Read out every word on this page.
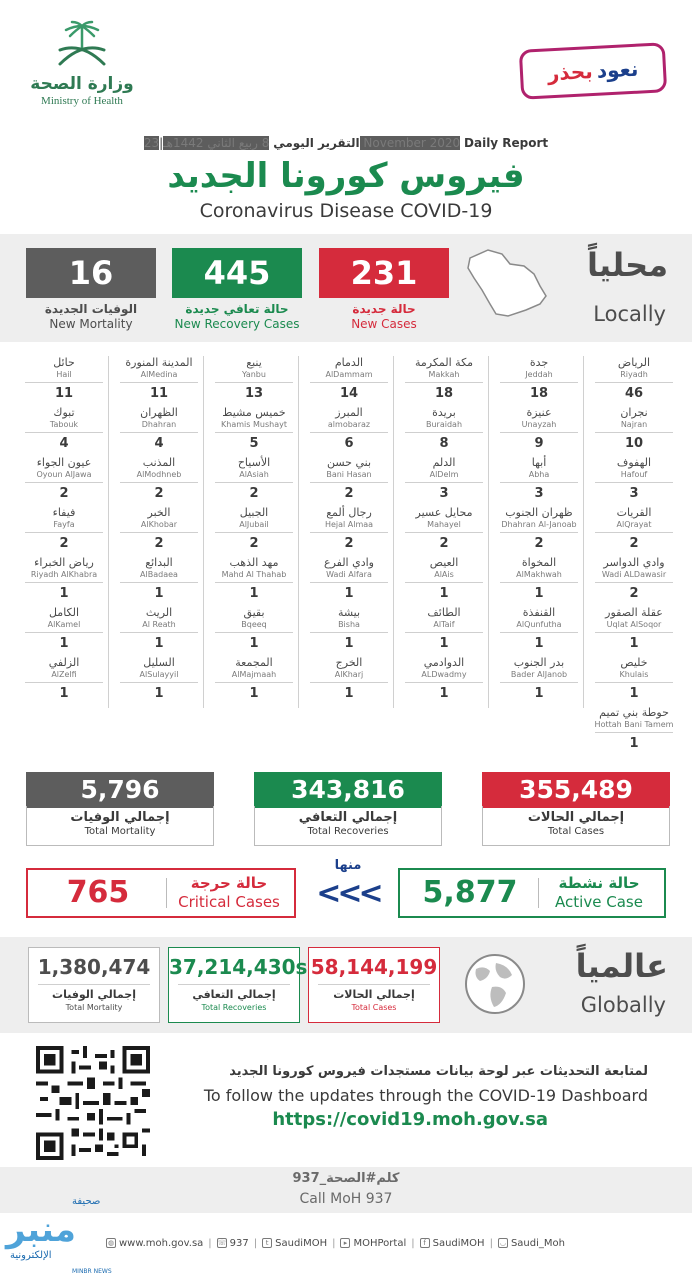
وزارة الصحة
Ministry of Health
نعود
بحذر
التقرير اليومي 8 ربيع الثاني 1442هـ|23 November 2020 Daily Report
فيروس كورونا الجديد
Coronavirus Disease COVID-19
16
الوفيات الجديدة
New Mortality
445
حالة تعافي جديدة
New Recovery Cases
231
حالة جديدة
New Cases
محلياً
Locally
الرياض
Riyadh
46
نجران
Najran
10
الهفوف
Hafouf
3
القريات
AlQrayat
2
وادي الدواسر
Wadi ALDawasir
2
عقلة الصقور
Uqlat AlSoqor
1
خليص
Khulais
1
حوطة بني تميم
Hottah Bani Tamem
1
جدة
Jeddah
18
عنيزة
Unayzah
9
أبها
Abha
3
ظهران الجنوب
Dhahran Al-Janoab
2
المخواة
AlMakhwah
1
القنفذة
AlQunfutha
1
بدر الجنوب
Bader AlJanob
1
مكة المكرمة
Makkah
18
بريدة
Buraidah
8
الدلم
AlDelm
3
محايل عسير
Mahayel
2
العيص
AlAis
1
الطائف
AlTaif
1
الدوادمي
ALDwadmy
1
الدمام
AlDammam
14
المبرز
almobaraz
6
بني حسن
Bani Hasan
2
رجال ألمع
Hejal Almaa
2
وادي الفرع
Wadi Alfara
1
بيشة
Bisha
1
الخرج
AlKharj
1
ينبع
Yanbu
13
خميس مشيط
Khamis Mushayt
5
الأسياح
AlAsiah
2
الجبيل
AlJubail
2
مهد الذهب
Mahd Al Thahab
1
بقيق
Bqeeq
1
المجمعة
AlMajmaah
1
المدينة المنورة
AlMedina
11
الظهران
Dhahran
4
المذنب
AlModhneb
2
الخبر
AlKhobar
2
البدائع
AlBadaea
1
الريث
Al Reath
1
السليل
AlSulayyil
1
حائل
Hail
11
تبوك
Tabouk
4
عيون الجواء
Oyoun AlJawa
2
فيفاء
Fayfa
2
رياض الخبراء
Riyadh AlKhabra
1
الكامل
AlKamel
1
الزلفي
AlZelfi
1
5,796
إجمالي الوفيات
Total Mortality
343,816
إجمالي التعافي
Total Recoveries
355,489
إجمالي الحالات
Total Cases
765	حالة حرجة
Critical Cases
منها
<<<	5,877	حالة نشطة
Active Case
1,380,474
إجمالي الوفيات
Total Mortality
37,214,430s
إجمالي التعافي
Total Recoveries
58,144,199
إجمالي الحالات
Total Cases
عالمياً
Globally
لمتابعة التحديثات عبر لوحة بيانات مستجدات فيروس كورونا الجديد
To follow the updates through the COVID-19 Dashboard
https://covid19.moh.gov.sa
كلم#الصحة_937
Call MoH 937
◍ www.moh.gov.sa | ☏ 937 |	t SaudiMOH |	▸ MOHPortal |	f SaudiMOH | ◡ Saudi_Moh
صحيفة
منبر
الإلكترونية
MINBR NEWS
